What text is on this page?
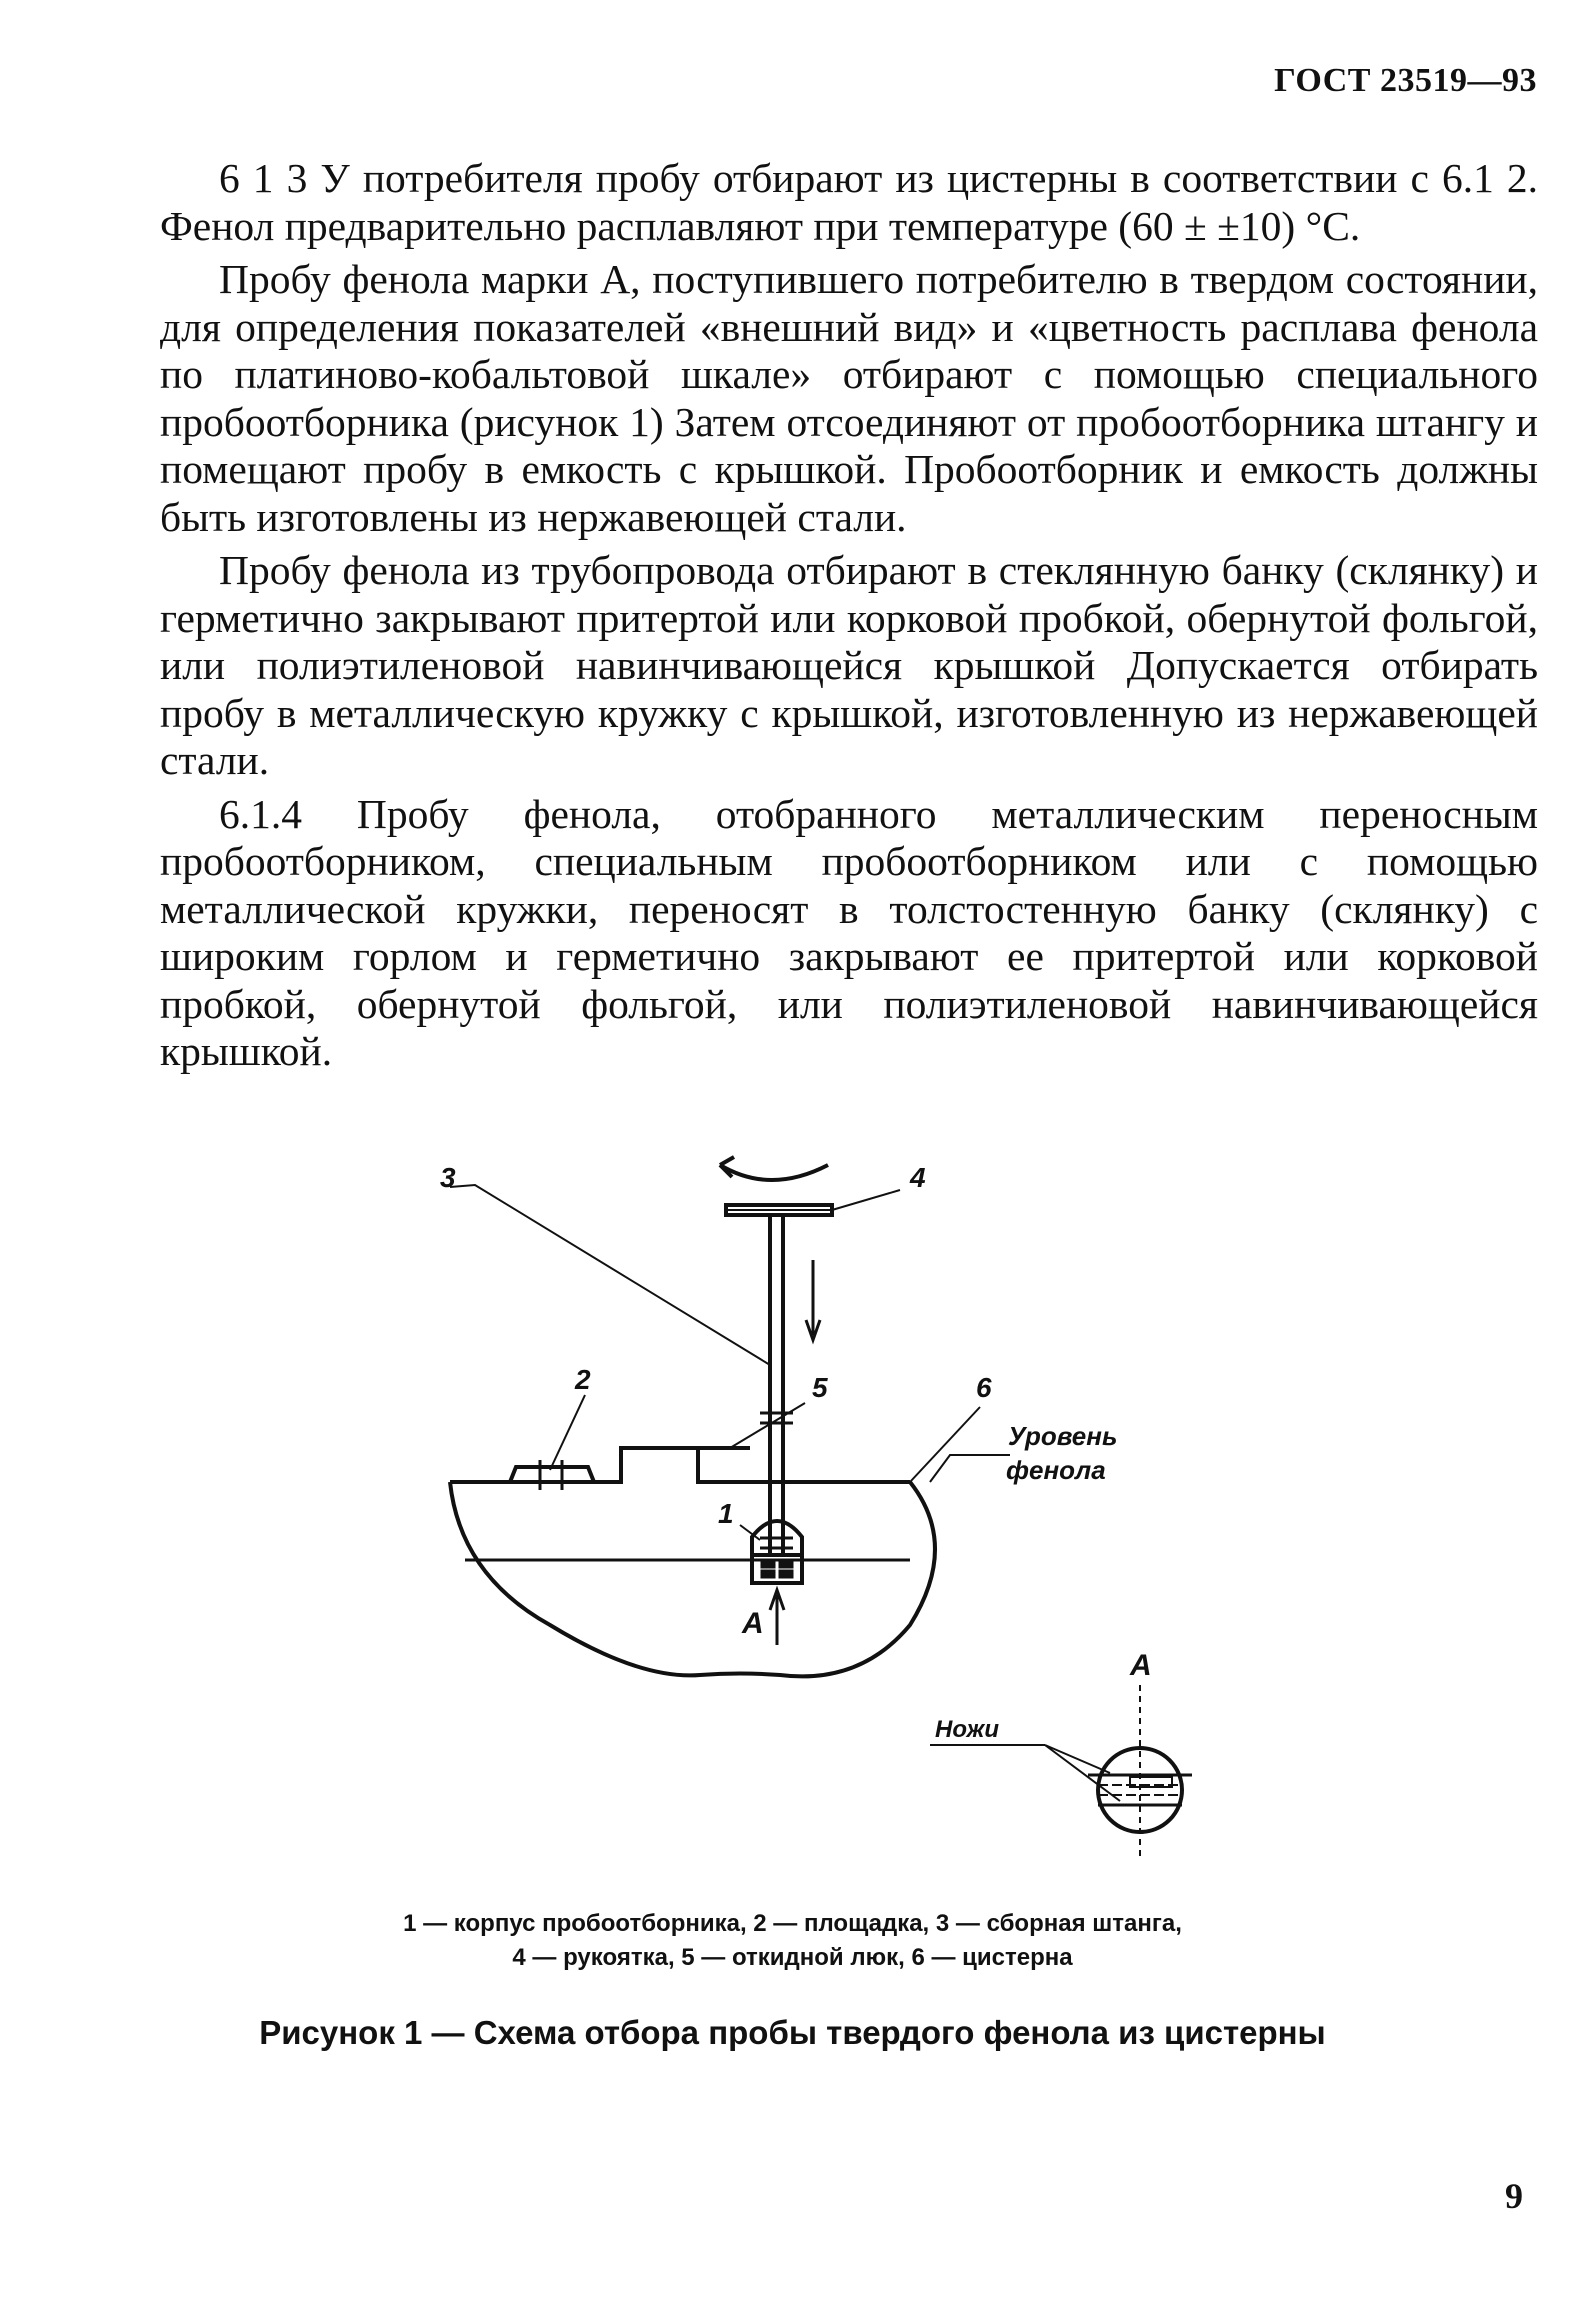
ГОСТ 23519—93

6 1 3 У потребителя пробу отбирают из цистерны в соответствии с 6.1 2. Фенол предварительно расплавляют при температуре (60 ± ±10) °С.

Пробу фенола марки А, поступившего потребителю в твердом состоянии, для определения показателей «внешний вид» и «цветность расплава фенола по платиново-кобальтовой шкале» отбирают с помощью специального пробоотборника (рисунок 1) Затем отсоединяют от пробоотборника штангу и помещают пробу в емкость с крышкой. Пробоотборник и емкость должны быть изготовлены из нержавеющей стали.

Пробу фенола из трубопровода отбирают в стеклянную банку (склянку) и герметично закрывают притертой или корковой пробкой, обернутой фольгой, или полиэтиленовой навинчивающейся крышкой Допускается отбирать пробу в металлическую кружку с крышкой, изготовленную из нержавеющей стали.

6.1.4 Пробу фенола, отобранного металлическим переносным пробоотборником, специальным пробоотборником или с помощью металлической кружки, переносят в толстостенную банку (склянку) с широким горлом и герметично закрывают ее притертой или корковой пробкой, обернутой фольгой, или полиэтиленовой навинчивающейся крышкой.

3	4
2	5	6
Уровень
фенола
1
А
А
Ножи
1 — корпус пробоотборника, 2 — площадка, 3 — сборная штанга,
4 — рукоятка, 5 — откидной люк, 6 — цистерна
Рисунок 1 — Схема отбора пробы твердого фенола из цистерны
9
